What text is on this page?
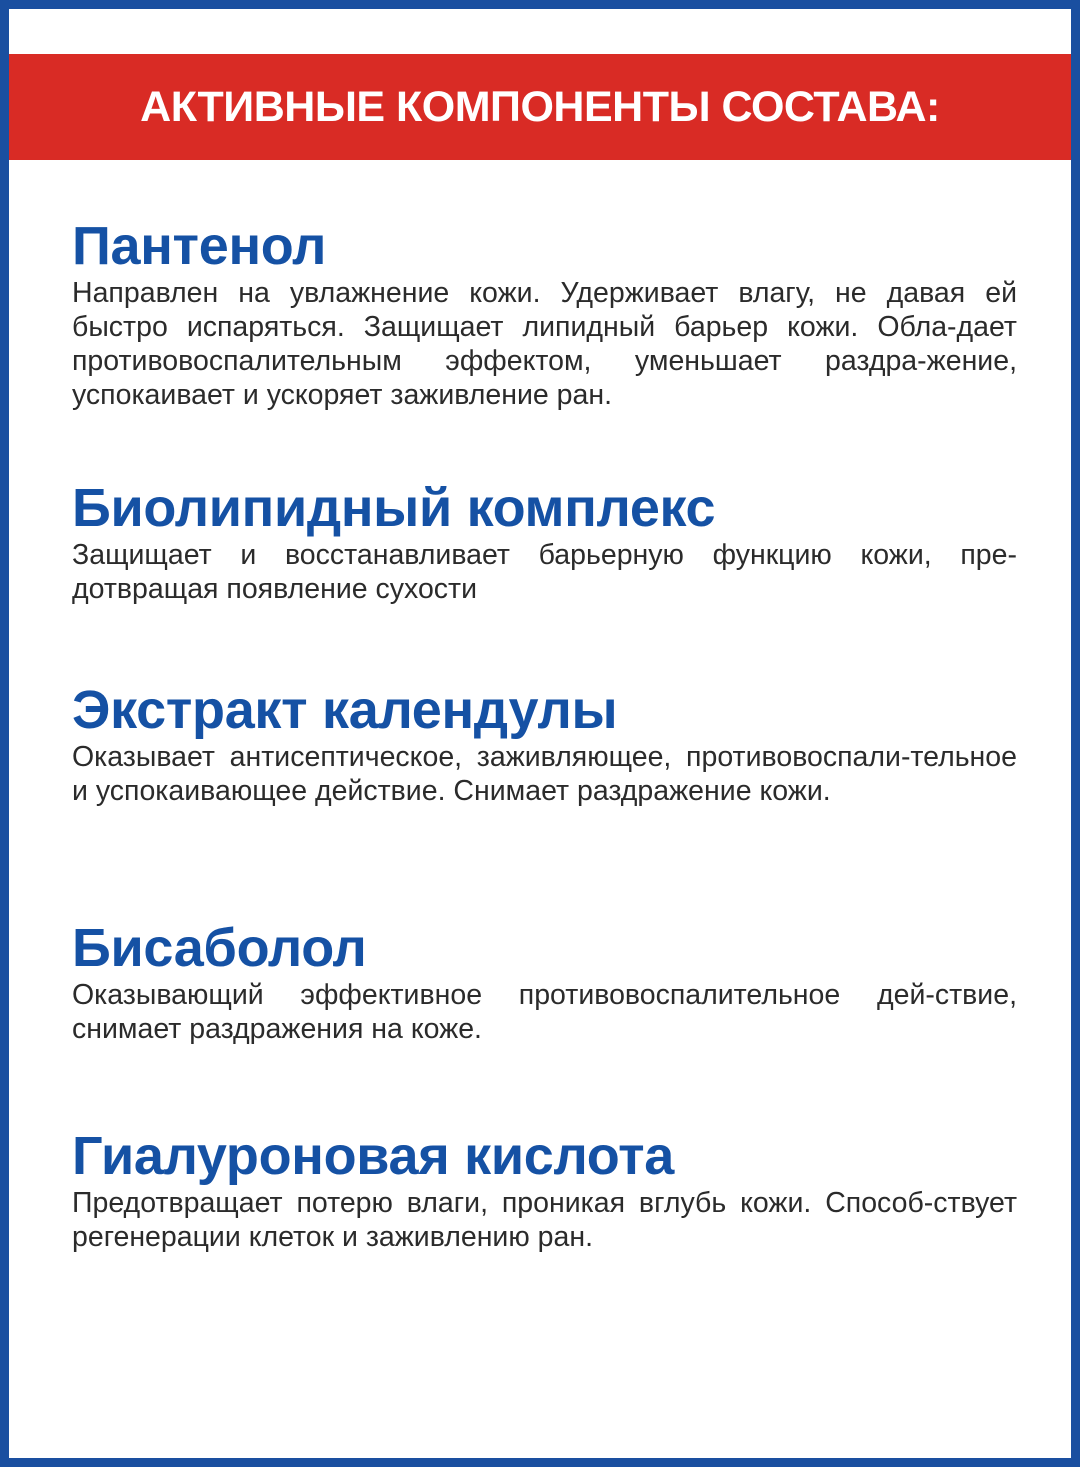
АКТИВНЫЕ КОМПОНЕНТЫ СОСТАВА:
Пантенол

Направлен на увлажнение кожи. Удерживает влагу, не давая ей быстро испаряться. Защищает липидный барьер кожи. Обла-дает противовоспалительным эффектом, уменьшает раздра-жение, успокаивает и ускоряет заживление ран.

Биолипидный комплекс

Защищает и восстанавливает барьерную функцию кожи, пре-дотвращая появление сухости

Экстракт календулы

Оказывает антисептическое, заживляющее, противовоспали-тельное и успокаивающее действие. Снимает раздражение кожи.

Бисаболол

Оказывающий эффективное противовоспалительное дей-ствие, снимает раздражения на коже.

Гиалуроновая кислота

Предотвращает потерю влаги, проникая вглубь кожи. Способ-ствует регенерации клеток и заживлению ран.
